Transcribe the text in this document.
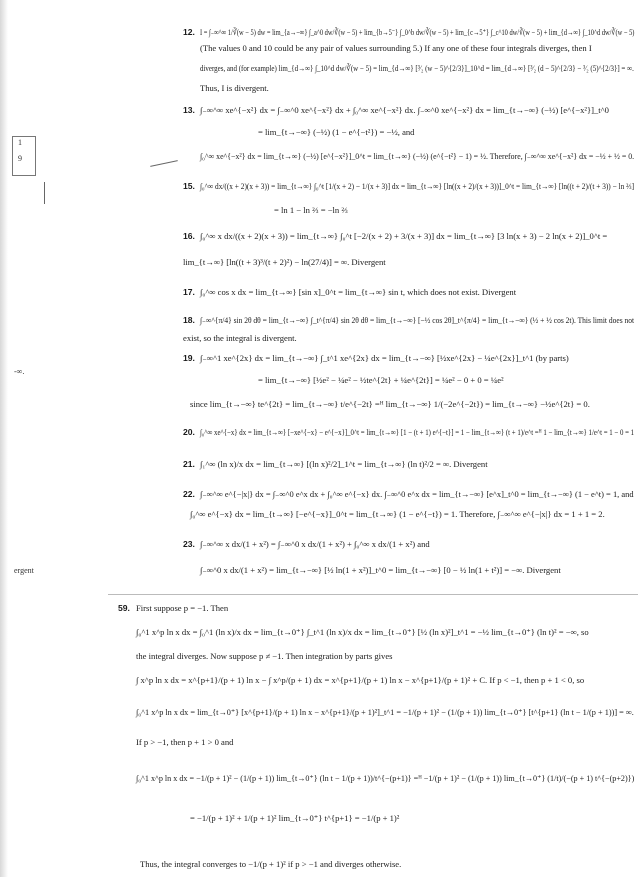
1
9
-∞.
ergent
12. I = ∫₋∞^∞ 1/∛(w − 5) dw = lim_{a→−∞} ∫_a^0 dw/∛(w − 5) + lim_{b→5⁻} ∫_0^b dw/∛(w − 5) + lim_{c→5⁺} ∫_c^10 dw/∛(w − 5) + lim_{d→∞} ∫_10^d dw/∛(w − 5)
(The values 0 and 10 could be any pair of values surrounding 5.) If any one of these four integrals diverges, then I
diverges, and (for example) lim_{d→∞} ∫_10^d dw/∛(w − 5) = lim_{d→∞} [³⁄₂ (w − 5)^{2/3}]_10^d = lim_{d→∞} [³⁄₂ (d − 5)^{2/3} − ³⁄₂ (5)^{2/3}] = ∞.
Thus, I is divergent.
13. ∫₋∞^∞ xe^{−x²} dx = ∫₋∞^0 xe^{−x²} dx + ∫₀^∞ xe^{−x²} dx. ∫₋∞^0 xe^{−x²} dx = lim_{t→−∞} (−½) [e^{−x²}]_t^0
= lim_{t→−∞} (−½) (1 − e^{−t²}) = −½, and
∫₀^∞ xe^{−x²} dx = lim_{t→∞} (−½) [e^{−x²}]_0^t = lim_{t→∞} (−½) (e^{−t²} − 1) = ½. Therefore, ∫₋∞^∞ xe^{−x²} dx = −½ + ½ = 0.
15. ∫₀^∞ dx/((x + 2)(x + 3)) = lim_{t→∞} ∫₀^t [1/(x + 2) − 1/(x + 3)] dx = lim_{t→∞} [ln((x + 2)/(x + 3))]_0^t = lim_{t→∞} [ln((t + 2)/(t + 3)) − ln ⅔]
= ln 1 − ln ⅔ = −ln ⅔
16. ∫₀^∞ x dx/((x + 2)(x + 3)) = lim_{t→∞} ∫₀^t [−2/(x + 2) + 3/(x + 3)] dx = lim_{t→∞} [3 ln(x + 3) − 2 ln(x + 2)]_0^t =
lim_{t→∞} [ln((t + 3)³/(t + 2)²) − ln(27/4)] = ∞. Divergent
17. ∫₀^∞ cos x dx = lim_{t→∞} [sin x]_0^t = lim_{t→∞} sin t, which does not exist. Divergent
18. ∫₋∞^{π/4} sin 2θ dθ = lim_{t→−∞} ∫_t^{π/4} sin 2θ dθ = lim_{t→−∞} [−½ cos 2θ]_t^{π/4} = lim_{t→−∞} (½ + ½ cos 2t). This limit does not
exist, so the integral is divergent.
19. ∫₋∞^1 xe^{2x} dx = lim_{t→−∞} ∫_t^1 xe^{2x} dx = lim_{t→−∞} [½xe^{2x} − ¼e^{2x}]_t^1 (by parts)
= lim_{t→−∞} [½e² − ¼e² − ½te^{2t} + ¼e^{2t}] = ¼e² − 0 + 0 = ¼e²
since lim_{t→−∞} te^{2t} = lim_{t→−∞} t/e^{−2t} =ᴴ lim_{t→−∞} 1/(−2e^{−2t}) = lim_{t→−∞} −½e^{2t} = 0.
20. ∫₀^∞ xe^{−x} dx = lim_{t→∞} [−xe^{−x} − e^{−x}]_0^t = lim_{t→∞} [1 − (t + 1) e^{−t}] = 1 − lim_{t→∞} (t + 1)/e^t =ᴴ 1 − lim_{t→∞} 1/e^t = 1 − 0 = 1
21. ∫₁^∞ (ln x)/x dx = lim_{t→∞} [(ln x)²/2]_1^t = lim_{t→∞} (ln t)²/2 = ∞. Divergent
22. ∫₋∞^∞ e^{−|x|} dx = ∫₋∞^0 e^x dx + ∫₀^∞ e^{−x} dx. ∫₋∞^0 e^x dx = lim_{t→−∞} [e^x]_t^0 = lim_{t→−∞} (1 − e^t) = 1, and
∫₀^∞ e^{−x} dx = lim_{t→∞} [−e^{−x}]_0^t = lim_{t→∞} (1 − e^{−t}) = 1. Therefore, ∫₋∞^∞ e^{−|x|} dx = 1 + 1 = 2.
23. ∫₋∞^∞ x dx/(1 + x²) = ∫₋∞^0 x dx/(1 + x²) + ∫₀^∞ x dx/(1 + x²) and
∫₋∞^0 x dx/(1 + x²) = lim_{t→−∞} [½ ln(1 + x²)]_t^0 = lim_{t→−∞} [0 − ½ ln(1 + t²)] = −∞. Divergent
59. First suppose p = −1. Then
∫₀^1 x^p ln x dx = ∫₀^1 (ln x)/x dx = lim_{t→0⁺} ∫_t^1 (ln x)/x dx = lim_{t→0⁺} [½ (ln x)²]_t^1 = −½ lim_{t→0⁺} (ln t)² = −∞, so
the integral diverges. Now suppose p ≠ −1. Then integration by parts gives
∫ x^p ln x dx = x^{p+1}/(p + 1) ln x − ∫ x^p/(p + 1) dx = x^{p+1}/(p + 1) ln x − x^{p+1}/(p + 1)² + C. If p < −1, then p + 1 < 0, so
∫₀^1 x^p ln x dx = lim_{t→0⁺} [x^{p+1}/(p + 1) ln x − x^{p+1}/(p + 1)²]_t^1 = −1/(p + 1)² − (1/(p + 1)) lim_{t→0⁺} [t^{p+1} (ln t − 1/(p + 1))] = ∞.
If p > −1, then p + 1 > 0 and
∫₀^1 x^p ln x dx = −1/(p + 1)² − (1/(p + 1)) lim_{t→0⁺} (ln t − 1/(p + 1))/t^{−(p+1)} =ᴴ −1/(p + 1)² − (1/(p + 1)) lim_{t→0⁺} (1/t)/(−(p + 1) t^{−(p+2)})
= −1/(p + 1)² + 1/(p + 1)² lim_{t→0⁺} t^{p+1} = −1/(p + 1)²
Thus, the integral converges to −1/(p + 1)² if p > −1 and diverges otherwise.
